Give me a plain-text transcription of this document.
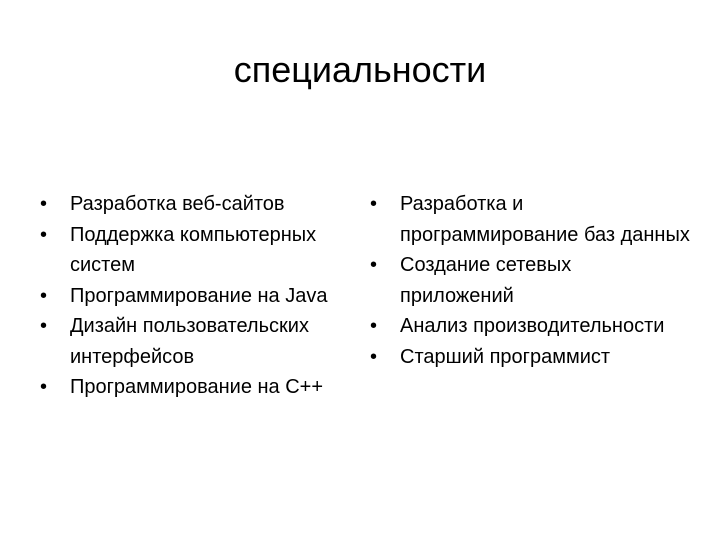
специальности
• Разработка веб-сайтов
• Поддержка компьютерных систем
• Программирование на Java
• Дизайн пользовательских интерфейсов
• Программирование на С++
• Разработка и программирование баз данных
• Создание сетевых приложений
• Анализ производительности
• Старший программист
